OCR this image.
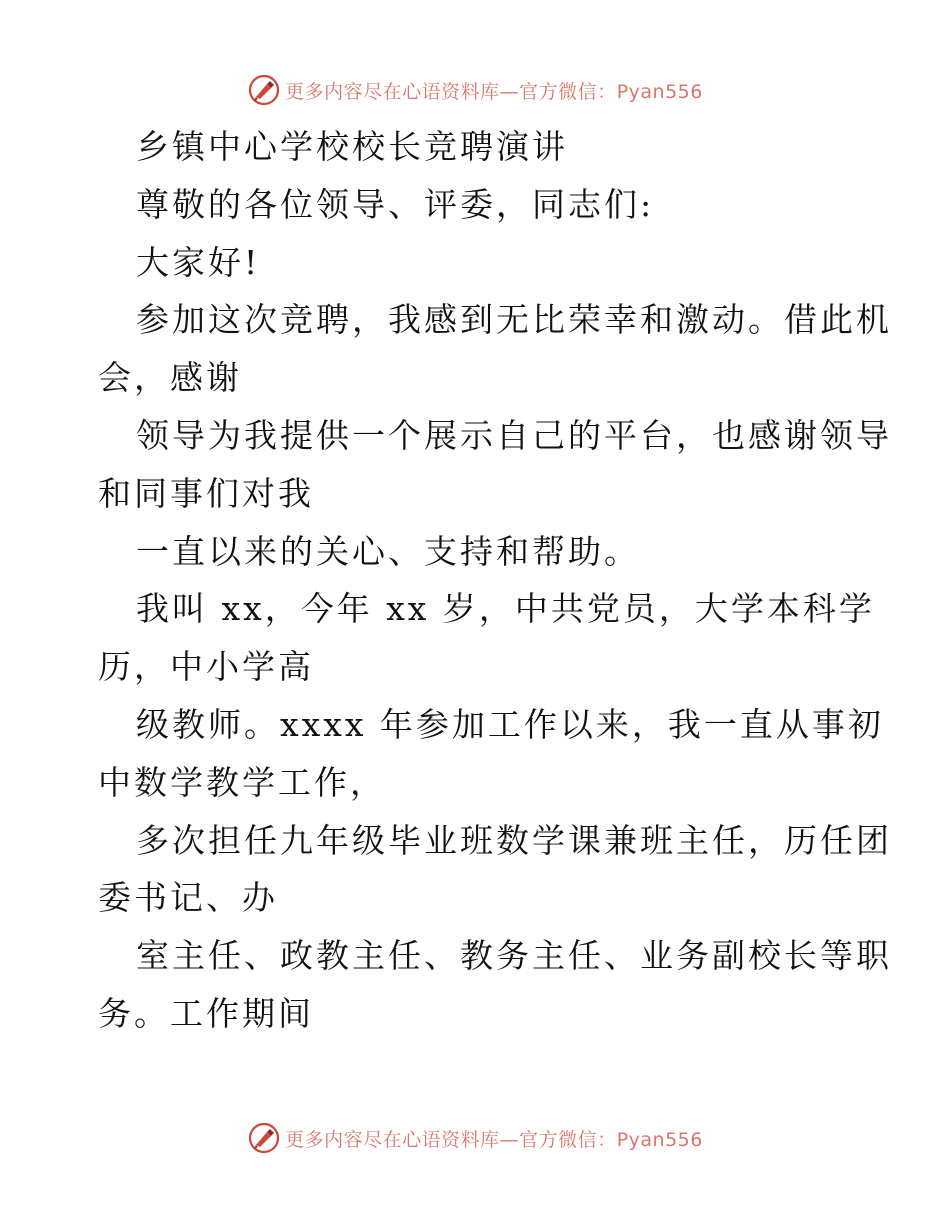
更多内容尽在心语资料库—官方微信：Pyan556
乡镇中心学校校长竞聘演讲
尊敬的各位领导、评委，同志们:
大家好!
参加这次竞聘，我感到无比荣幸和激动。借此机
会，感谢
领导为我提供一个展示自己的平台，也感谢领导
和同事们对我
一直以来的关心、支持和帮助。
我叫 xx，今年 xx 岁，中共党员，大学本科学
历，中小学高
级教师。xxxx 年参加工作以来，我一直从事初
中数学教学工作，
多次担任九年级毕业班数学课兼班主任，历任团
委书记、办
室主任、政教主任、教务主任、业务副校长等职
务。工作期间
更多内容尽在心语资料库—官方微信：Pyan556
